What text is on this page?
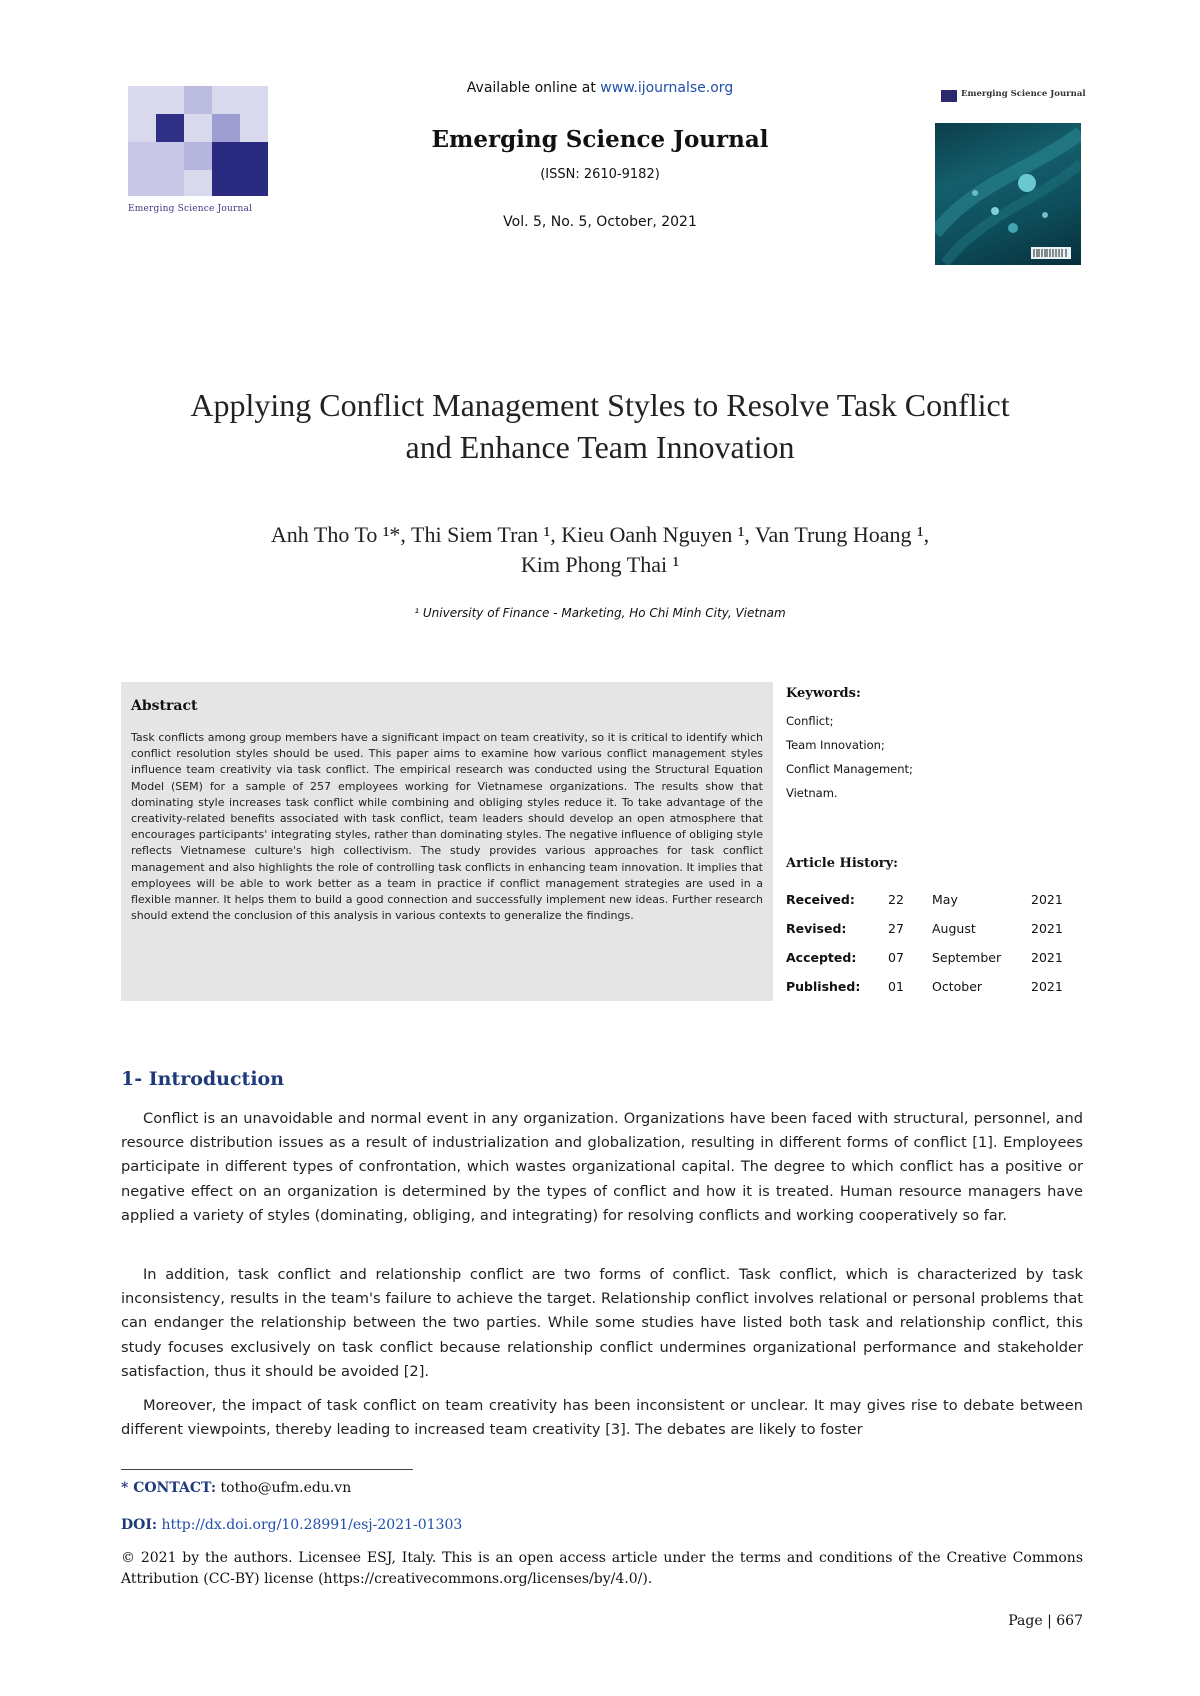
Emerging Science Journal
Available online at www.ijournalse.org
Emerging Science Journal
(ISSN: 2610-9182)
Vol. 5, No. 5, October, 2021

Emerging Science Journal
Applying Conflict Management Styles to Resolve Task Conflict
and Enhance Team Innovation
Anh Tho To ¹*, Thi Siem Tran ¹, Kieu Oanh Nguyen ¹, Van Trung Hoang ¹,
Kim Phong Thai ¹
¹ University of Finance - Marketing, Ho Chi Minh City, Vietnam
Abstract
Task conflicts among group members have a significant impact on team creativity, so it is critical to identify which conflict resolution styles should be used. This paper aims to examine how various conflict management styles influence team creativity via task conflict. The empirical research was conducted using the Structural Equation Model (SEM) for a sample of 257 employees working for Vietnamese organizations. The results show that dominating style increases task conflict while combining and obliging styles reduce it. To take advantage of the creativity-related benefits associated with task conflict, team leaders should develop an open atmosphere that encourages participants' integrating styles, rather than dominating styles. The negative influence of obliging style reflects Vietnamese culture's high collectivism. The study provides various approaches for task conflict management and also highlights the role of controlling task conflicts in enhancing team innovation. It implies that employees will be able to work better as a team in practice if conflict management strategies are used in a flexible manner. It helps them to build a good connection and successfully implement new ideas. Further research should extend the conclusion of this analysis in various contexts to generalize the findings.
Keywords:
Conflict;
Team Innovation;
Conflict Management;
Vietnam.
Article History:
Received:	22 May	2021
Revised:	27 August	2021
Accepted:	07 September 2021
Published: 01 October	2021
1- Introduction
Conflict is an unavoidable and normal event in any organization. Organizations have been faced with structural, personnel, and resource distribution issues as a result of industrialization and globalization, resulting in different forms of conflict [1]. Employees participate in different types of confrontation, which wastes organizational capital. The degree to which conflict has a positive or negative effect on an organization is determined by the types of conflict and how it is treated. Human resource managers have applied a variety of styles (dominating, obliging, and integrating) for resolving conflicts and working cooperatively so far.
In addition, task conflict and relationship conflict are two forms of conflict. Task conflict, which is characterized by task inconsistency, results in the team's failure to achieve the target. Relationship conflict involves relational or personal problems that can endanger the relationship between the two parties. While some studies have listed both task and relationship conflict, this study focuses exclusively on task conflict because relationship conflict undermines organizational performance and stakeholder satisfaction, thus it should be avoided [2].
Moreover, the impact of task conflict on team creativity has been inconsistent or unclear. It may gives rise to debate between different viewpoints, thereby leading to increased team creativity [3]. The debates are likely to foster
* CONTACT: totho@ufm.edu.vn
DOI: http://dx.doi.org/10.28991/esj-2021-01303
© 2021 by the authors. Licensee ESJ, Italy. This is an open access article under the terms and conditions of the Creative Commons Attribution (CC-BY) license (https://creativecommons.org/licenses/by/4.0/).
Page | 667
